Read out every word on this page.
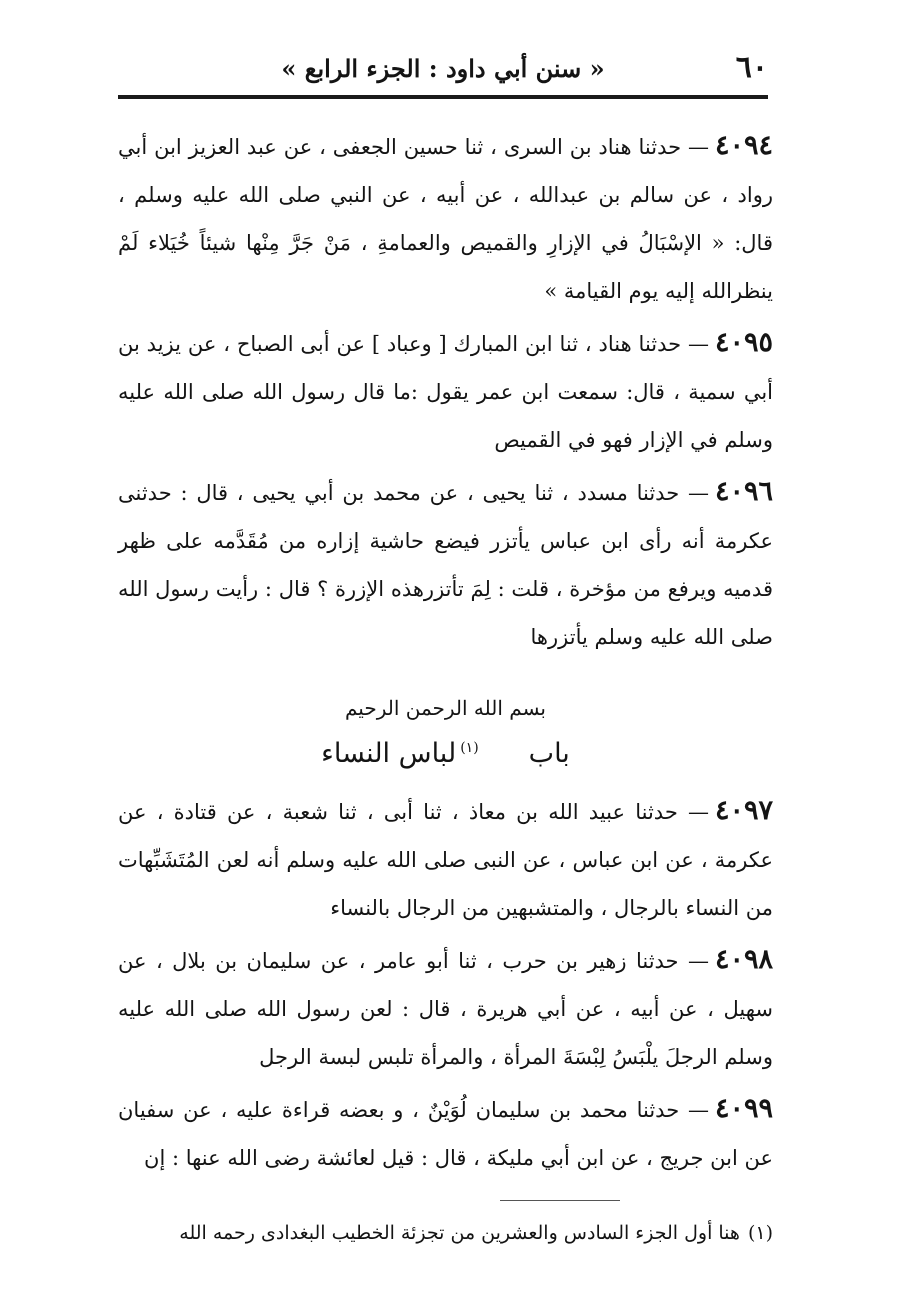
٦٠
« سنن أبي داود : الجزء الرابع »

٤٠٩٤— حدثنا هناد بن السرى ، ثنا حسين الجعفى ، عن عبد العزيز ابن أبي رواد ، عن سالم بن عبدالله ، عن أبيه ، عن النبي صلى الله عليه وسلم ، قال: « الإسْبَالُ في الإزارِ والقميص والعمامةِ ، مَنْ جَرَّ مِنْها شيئاً خُيَلاء لَمْ ينظرالله إليه يوم القيامة »

٤٠٩٥— حدثنا هناد ، ثنا ابن المبارك [ وعباد ] عن أبى الصباح ، عن يزيد بن أبي سمية ، قال: سمعت ابن عمر يقول :ما قال رسول الله صلى الله عليه وسلم في الإزار فهو في القميص

٤٠٩٦— حدثنا مسدد ، ثنا يحيى ، عن محمد بن أبي يحيى ، قال : حدثنى عكرمة أنه رأى ابن عباس يأتزر فيضع حاشية إزاره من مُقَدَّمه على ظهر قدميه ويرفع من مؤخرة ، قلت : لِمَ تأتزرهذه الإزرة ؟ قال : رأيت رسول الله صلى الله عليه وسلم يأتزرها

بسم الله الرحمن الرحيم
باب$^{(١)}$لباس النساء

٤٠٩٧— حدثنا عبيد الله بن معاذ ، ثنا أبى ، ثنا شعبة ، عن قتادة ، عن عكرمة ، عن ابن عباس ، عن النبى صلى الله عليه وسلم أنه لعن المُتَشَبِّهات من النساء بالرجال ، والمتشبهين من الرجال بالنساء

٤٠٩٨— حدثنا زهير بن حرب ، ثنا أبو عامر ، عن سليمان بن بلال ، عن سهيل ، عن أبيه ، عن أبي هريرة ، قال : لعن رسول الله صلى الله عليه وسلم الرجلَ يلْبَسُ لِبْسَةَ المرأة ، والمرأة تلبس لبسة الرجل

٤٠٩٩— حدثنا محمد بن سليمان لُوَيْنٌ ، و بعضه قراءة عليه ، عن سفيان عن ابن جريج ، عن ابن أبي مليكة ، قال : قيل لعائشة رضى الله عنها : إن

(١)هنا أول الجزء السادس والعشرين من تجزئة الخطيب البغدادى رحمه الله
